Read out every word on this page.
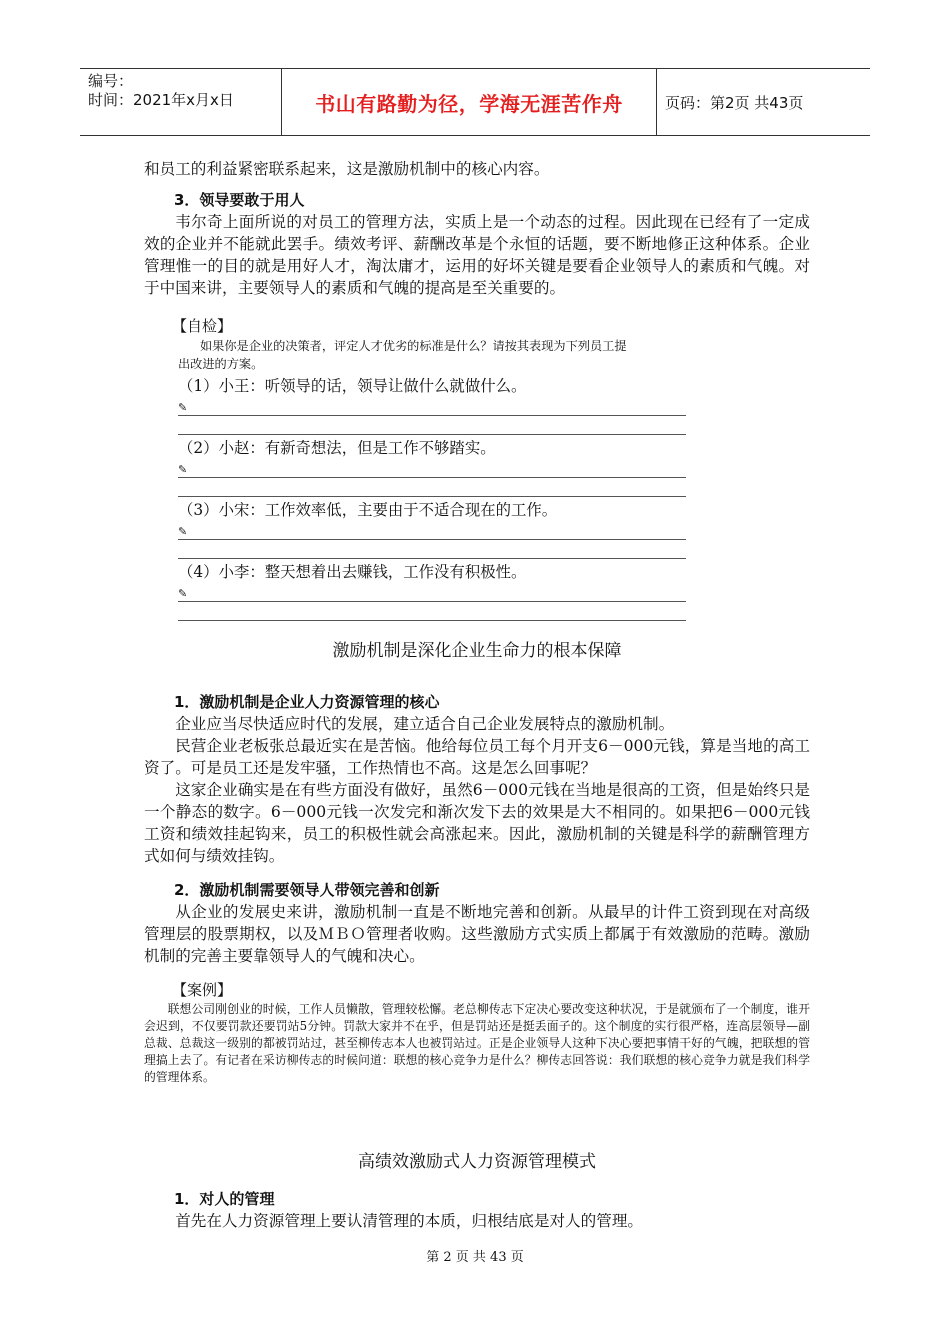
编号：
时间：2021年x月x日	书山有路勤为径，学海无涯苦作舟	页码：第2页 共43页

和员工的利益紧密联系起来，这是激励机制中的核心内容。

3．领导要敢于用人

韦尔奇上面所说的对员工的管理方法，实质上是一个动态的过程。因此现在已经有了一定成效的企业并不能就此罢手。绩效考评、薪酬改革是个永恒的话题，要不断地修正这种体系。企业管理惟一的目的就是用好人才，淘汰庸才，运用的好坏关键是要看企业领导人的素质和气魄。对于中国来讲，主要领导人的素质和气魄的提高是至关重要的。

【自检】

如果你是企业的决策者，评定人才优劣的标准是什么？请按其表现为下列员工提

出改进的方案。

（1）小王：听领导的话，领导让做什么就做什么。

✎

（2）小赵：有新奇想法，但是工作不够踏实。

✎

（3）小宋：工作效率低，主要由于不适合现在的工作。

✎

（4）小李：整天想着出去赚钱，工作没有积极性。

✎

激励机制是深化企业生命力的根本保障

1．激励机制是企业人力资源管理的核心

企业应当尽快适应时代的发展，建立适合自己企业发展特点的激励机制。

民营企业老板张总最近实在是苦恼。他给每位员工每个月开支6－000元钱，算是当地的高工资了。可是员工还是发牢骚，工作热情也不高。这是怎么回事呢？

这家企业确实是在有些方面没有做好，虽然6－000元钱在当地是很高的工资，但是始终只是一个静态的数字。6－000元钱一次发完和渐次发下去的效果是大不相同的。如果把6－000元钱工资和绩效挂起钩来，员工的积极性就会高涨起来。因此，激励机制的关键是科学的薪酬管理方式如何与绩效挂钩。

2．激励机制需要领导人带领完善和创新

从企业的发展史来讲，激励机制一直是不断地完善和创新。从最早的计件工资到现在对高级管理层的股票期权，以及ＭＢＯ管理者收购。这些激励方式实质上都属于有效激励的范畴。激励机制的完善主要靠领导人的气魄和决心。

【案例】

联想公司刚创业的时候，工作人员懒散，管理较松懈。老总柳传志下定决心要改变这种状况，于是就颁布了一个制度，谁开会迟到，不仅要罚款还要罚站5分钟。罚款大家并不在乎，但是罚站还是挺丢面子的。这个制度的实行很严格，连高层领导—副总裁、总裁这一级别的都被罚站过，甚至柳传志本人也被罚站过。正是企业领导人这种下决心要把事情干好的气魄，把联想的管理搞上去了。有记者在采访柳传志的时候问道：联想的核心竞争力是什么？柳传志回答说：我们联想的核心竞争力就是我们科学的管理体系。

高绩效激励式人力资源管理模式

1．对人的管理

首先在人力资源管理上要认清管理的本质，归根结底是对人的管理。

第 2 页 共 43 页
